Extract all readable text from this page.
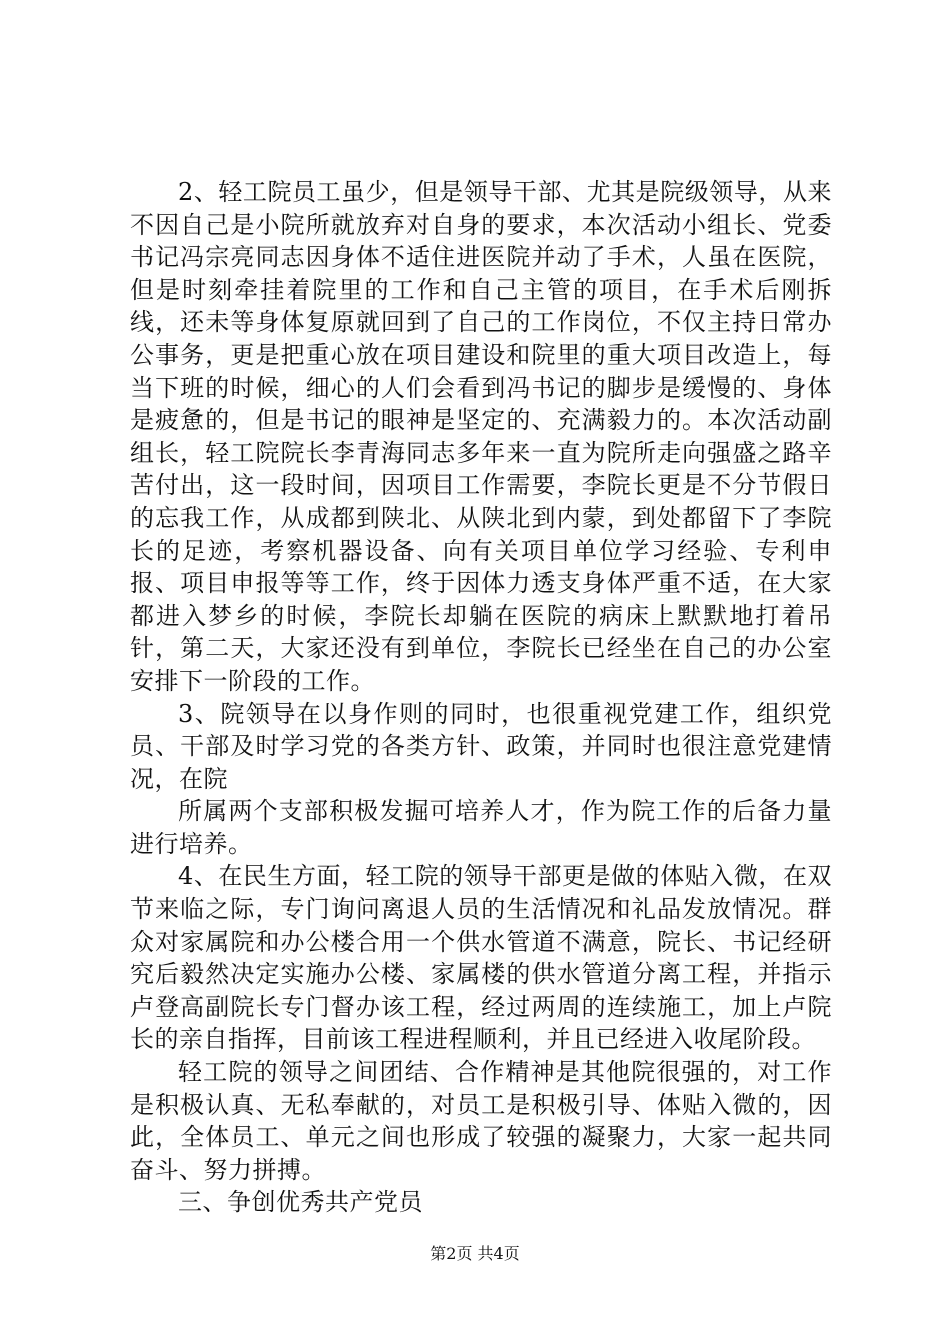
2、轻工院员工虽少，但是领导干部、尤其是院级领导，从来不因自己是小院所就放弃对自身的要求，本次活动小组长、党委书记冯宗亮同志因身体不适住进医院并动了手术，人虽在医院，但是时刻牵挂着院里的工作和自己主管的项目，在手术后刚拆线，还未等身体复原就回到了自己的工作岗位，不仅主持日常办公事务，更是把重心放在项目建设和院里的重大项目改造上，每当下班的时候，细心的人们会看到冯书记的脚步是缓慢的、身体是疲惫的，但是书记的眼神是坚定的、充满毅力的。本次活动副组长，轻工院院长李青海同志多年来一直为院所走向强盛之路辛苦付出，这一段时间，因项目工作需要，李院长更是不分节假日的忘我工作，从成都到陕北、从陕北到内蒙，到处都留下了李院长的足迹，考察机器设备、向有关项目单位学习经验、专利申报、项目申报等等工作，终于因体力透支身体严重不适，在大家都进入梦乡的时候，李院长却躺在医院的病床上默默地打着吊针，第二天，大家还没有到单位，李院长已经坐在自己的办公室安排下一阶段的工作。

3、院领导在以身作则的同时，也很重视党建工作，组织党员、干部及时学习党的各类方针、政策，并同时也很注意党建情况，在院

所属两个支部积极发掘可培养人才，作为院工作的后备力量进行培养。

4、在民生方面，轻工院的领导干部更是做的体贴入微，在双节来临之际，专门询问离退人员的生活情况和礼品发放情况。群众对家属院和办公楼合用一个供水管道不满意，院长、书记经研究后毅然决定实施办公楼、家属楼的供水管道分离工程，并指示卢登高副院长专门督办该工程，经过两周的连续施工，加上卢院长的亲自指挥，目前该工程进程顺利，并且已经进入收尾阶段。

轻工院的领导之间团结、合作精神是其他院很强的，对工作是积极认真、无私奉献的，对员工是积极引导、体贴入微的，因此，全体员工、单元之间也形成了较强的凝聚力，大家一起共同奋斗、努力拼搏。

三、争创优秀共产党员

第2页 共4页
